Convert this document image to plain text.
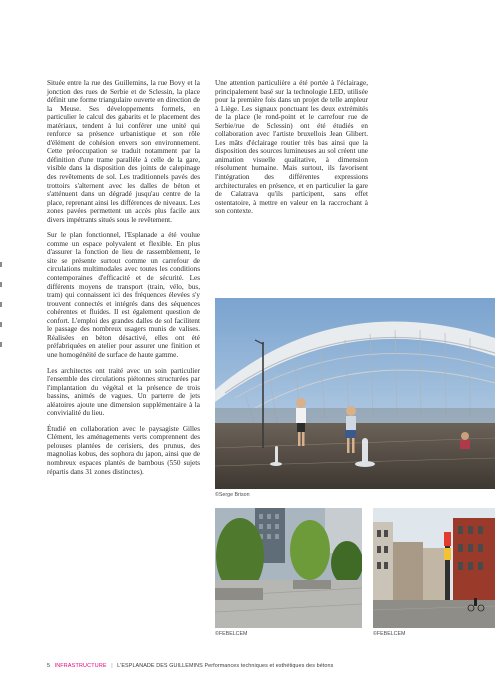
Située entre la rue des Guillemins, la rue Bovy et la jonction des rues de Serbie et de Sclessin, la place définit une forme triangulaire ouverte en direction de la Meuse. Ses développements formels, en particulier le calcul des gabarits et le placement des matériaux, tendent à lui conférer une unité qui renforce sa présence urbanistique et son rôle d'élément de cohésion envers son environnement. Cette préoccupation se traduit notamment par la définition d'une trame parallèle à celle de la gare, visible dans la disposition des joints de calepinage des revêtements de sol. Les traditionnels pavés des trottoirs s'alternent avec les dalles de béton et s'atténuent dans un dégradé jusqu'au centre de la place, reprenant ainsi les différences de niveaux. Les zones pavées permettent un accès plus facile aux divers impétrants situés sous le revêtement.

Sur le plan fonctionnel, l'Esplanade a été voulue comme un espace polyvalent et flexible. En plus d'assurer la fonction de lieu de rassemblement, le site se présente surtout comme un carrefour de circulations multimodales avec toutes les conditions contemporaines d'efficacité et de sécurité. Les différents moyens de transport (train, vélo, bus, tram) qui connaissent ici des fréquences élevées s'y trouvent connectés et intégrés dans des séquences cohérentes et fluides. Il est également question de confort. L'emploi des grandes dalles de sol facilitent le passage des nombreux usagers munis de valises. Réalisées en béton désactivé, elles ont été préfabriquées en atelier pour assurer une finition et une homogénéité de surface de haute gamme.

Les architectes ont traité avec un soin particulier l'ensemble des circulations piétonnes structurées par l'implantation du végétal et la présence de trois bassins, animés de vagues. Un parterre de jets aléatoires ajoute une dimension supplémentaire à la convivialité du lieu.

Étudié en collaboration avec le paysagiste Gilles Clément, les aménagements verts comprennent des pelouses plantées de cerisiers, des prunus, des magnolias kobus, des sophora du japon, ainsi que de nombreux espaces plantés de bambous (550 sujets répartis dans 31 zones distinctes).

Une attention particulière a été portée à l'éclairage, principalement basé sur la technologie LED, utilisée pour la première fois dans un projet de telle ampleur à Liège. Les signaux ponctuant les deux extrémités de la place (le rond-point et le carrefour rue de Serbie/rue de Sclessin) ont été étudiés en collaboration avec l'artiste bruxellois Jean Glibert. Les mâts d'éclairage routier très bas ainsi que la disposition des sources lumineuses au sol créent une animation visuelle qualitative, à dimension résolument humaine. Mais surtout, ils favorisent l'intégration des différentes expressions architecturales en présence, et en particulier la gare de Calatrava qu'ils participent, sans effet ostentatoire, à mettre en valeur en la raccrochant à son contexte.

©Serge Brison
©FEBELCEM	©FEBELCEM
5 INFRASTRUCTURE | L'ESPLANADE DES GUILLEMINS Performances techniques et esthétiques des bétons
